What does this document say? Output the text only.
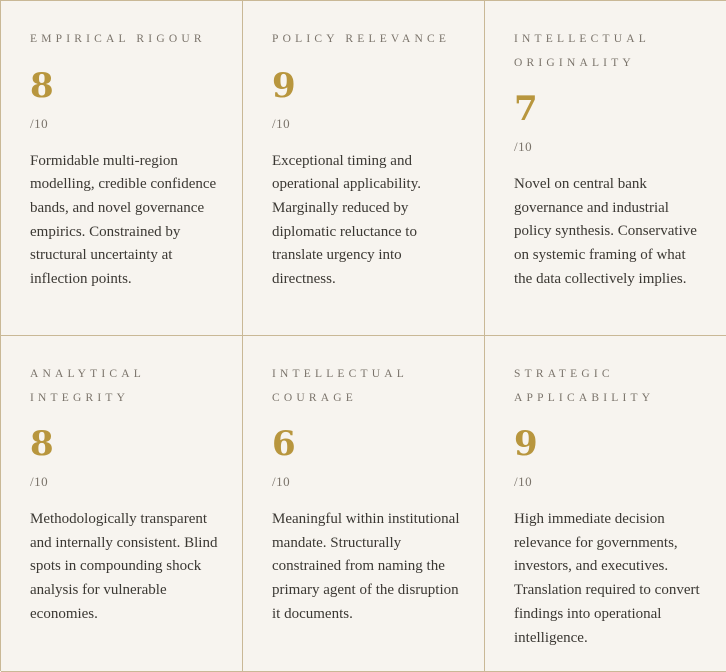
EMPIRICAL RIGOUR
8
/10
Formidable multi-region modelling, credible confidence bands, and novel governance empirics. Constrained by structural uncertainty at inflection points.
POLICY RELEVANCE
9
/10
Exceptional timing and operational applicability. Marginally reduced by diplomatic reluctance to translate urgency into directness.
INTELLECTUAL ORIGINALITY
7
/10
Novel on central bank governance and industrial policy synthesis. Conservative on systemic framing of what the data collectively implies.
ANALYTICAL INTEGRITY
8
/10
Methodologically transparent and internally consistent. Blind spots in compounding shock analysis for vulnerable economies.
INTELLECTUAL COURAGE
6
/10
Meaningful within institutional mandate. Structurally constrained from naming the primary agent of the disruption it documents.
STRATEGIC APPLICABILITY
9
/10
High immediate decision relevance for governments, investors, and executives. Translation required to convert findings into operational intelligence.
